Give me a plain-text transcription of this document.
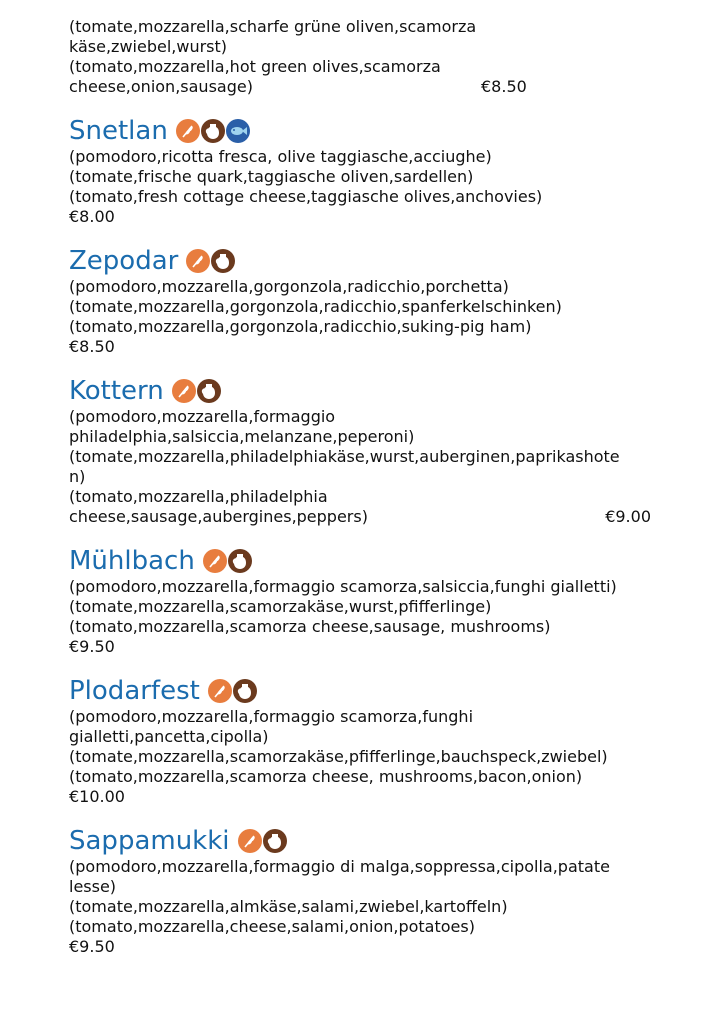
(tomate,mozzarella,scharfe grüne oliven,scamorza
käse,zwiebel,wurst)
(tomato,mozzarella,hot green olives,scamorza
cheese,onion,sausage)	€8.50
Snetlan
(pomodoro,ricotta fresca, olive taggiasche,acciughe)
(tomate,frische quark,taggiasche oliven,sardellen)
(tomato,fresh cottage cheese,taggiasche olives,anchovies)
€8.00
Zepodar
(pomodoro,mozzarella,gorgonzola,radicchio,porchetta)
(tomate,mozzarella,gorgonzola,radicchio,spanferkelschinken)
(tomato,mozzarella,gorgonzola,radicchio,suking-pig ham)
€8.50
Kottern
(pomodoro,mozzarella,formaggio
philadelphia,salsiccia,melanzane,peperoni)
(tomate,mozzarella,philadelphiakäse,wurst,auberginen,paprikashote
n)
(tomato,mozzarella,philadelphia
cheese,sausage,aubergines,peppers)	€9.00
Mühlbach
(pomodoro,mozzarella,formaggio scamorza,salsiccia,funghi gialletti)
(tomate,mozzarella,scamorzakäse,wurst,pfifferlinge)
(tomato,mozzarella,scamorza cheese,sausage, mushrooms)
€9.50
Plodarfest
(pomodoro,mozzarella,formaggio scamorza,funghi
gialletti,pancetta,cipolla)
(tomate,mozzarella,scamorzakäse,pfifferlinge,bauchspeck,zwiebel)
(tomato,mozzarella,scamorza cheese, mushrooms,bacon,onion)
€10.00
Sappamukki
(pomodoro,mozzarella,formaggio di malga,soppressa,cipolla,patate
lesse)
(tomate,mozzarella,almkäse,salami,zwiebel,kartoffeln)
(tomato,mozzarella,cheese,salami,onion,potatoes)
€9.50
